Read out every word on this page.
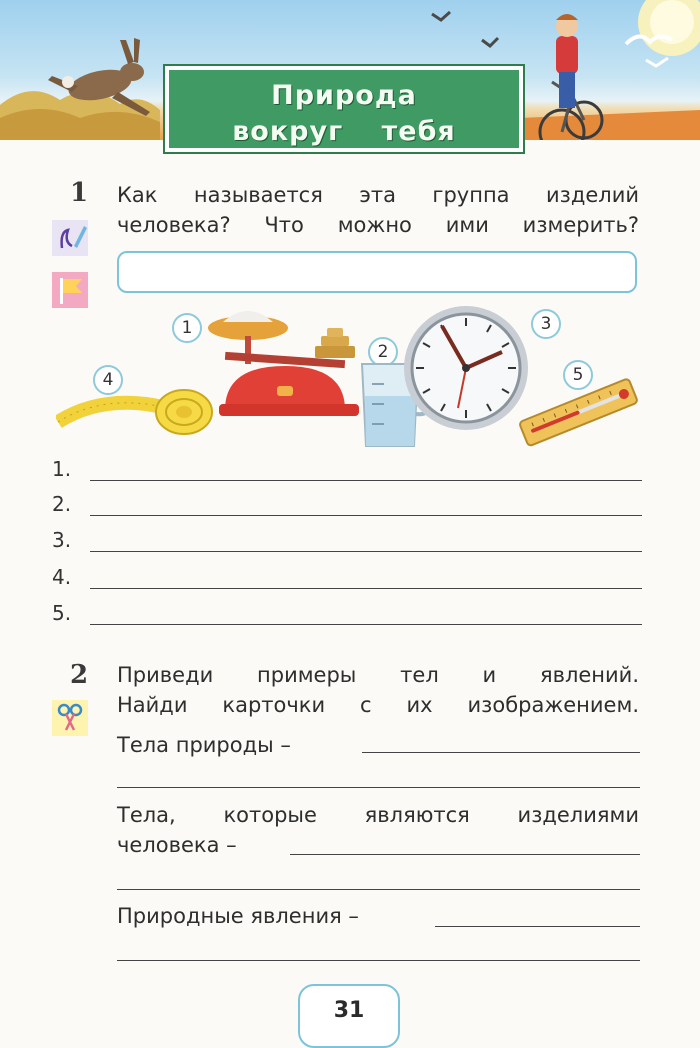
Природа
вокруг тебя
1 Как называется эта группа изделий
человека? Что можно ими измерить?
1
2
3
4	5
1.
2.
3.
4.
5.
2 Приведи примеры тел и явлений.
Найди карточки с их изображением.
Тела природы –
Тела, которые являются изделиями
человека –
Природные явления –
31
